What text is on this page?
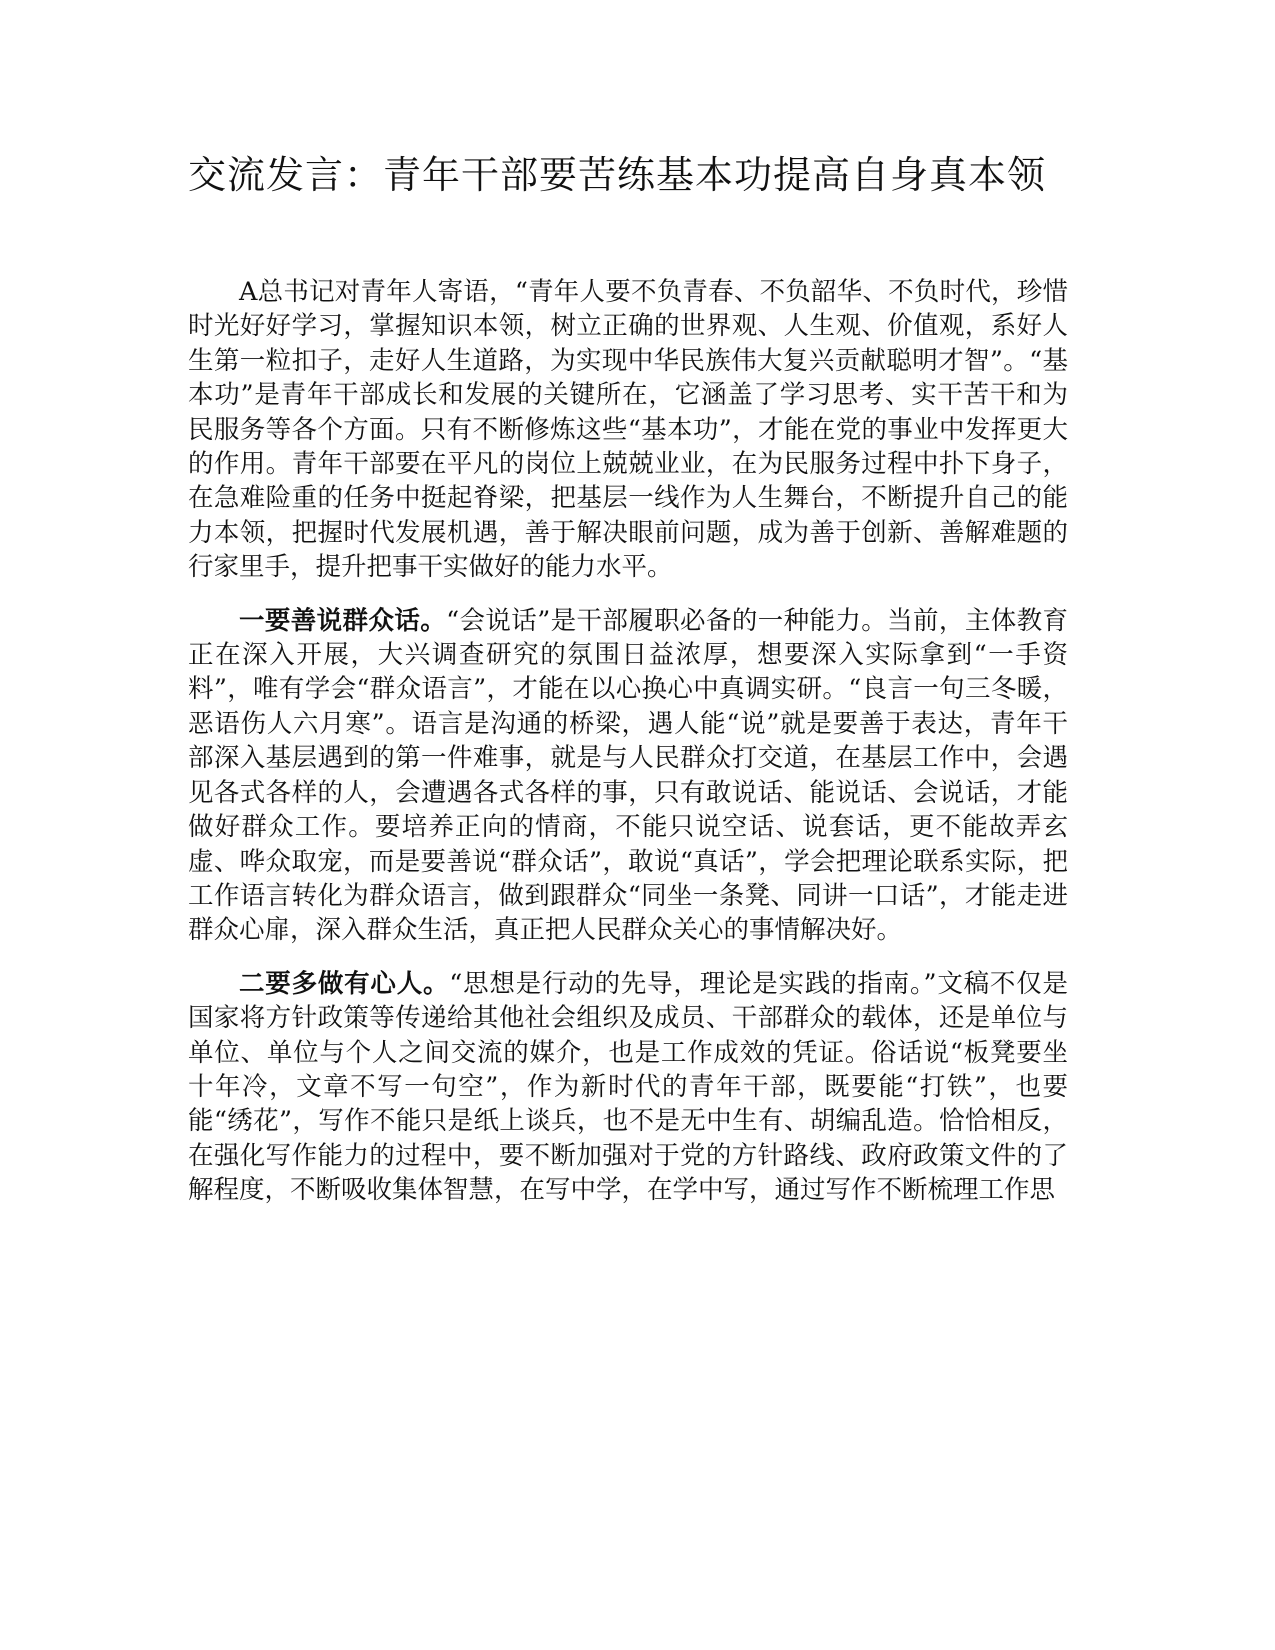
交流发言：青年干部要苦练基本功提高自身真本领

A总书记对青年人寄语，“青年人要不负青春、不负韶华、不负时代，珍惜时光好好学习，掌握知识本领，树立正确的世界观、人生观、价值观，系好人生第一粒扣子，走好人生道路，为实现中华民族伟大复兴贡献聪明才智”。“基本功”是青年干部成长和发展的关键所在，它涵盖了学习思考、实干苦干和为民服务等各个方面。只有不断修炼这些“基本功”，才能在党的事业中发挥更大的作用。青年干部要在平凡的岗位上兢兢业业，在为民服务过程中扑下身子，在急难险重的任务中挺起脊梁，把基层一线作为人生舞台，不断提升自己的能力本领，把握时代发展机遇，善于解决眼前问题，成为善于创新、善解难题的行家里手，提升把事干实做好的能力水平。

一要善说群众话。“会说话”是干部履职必备的一种能力。当前，主体教育正在深入开展，大兴调查研究的氛围日益浓厚，想要深入实际拿到“一手资料”，唯有学会“群众语言”，才能在以心换心中真调实研。“良言一句三冬暖，恶语伤人六月寒”。语言是沟通的桥梁，遇人能“说”就是要善于表达，青年干部深入基层遇到的第一件难事，就是与人民群众打交道，在基层工作中，会遇见各式各样的人，会遭遇各式各样的事，只有敢说话、能说话、会说话，才能做好群众工作。要培养正向的情商，不能只说空话、说套话，更不能故弄玄虚、哗众取宠，而是要善说“群众话”，敢说“真话”，学会把理论联系实际，把工作语言转化为群众语言，做到跟群众“同坐一条凳、同讲一口话”，才能走进群众心扉，深入群众生活，真正把人民群众关心的事情解决好。

二要多做有心人。“思想是行动的先导，理论是实践的指南。”文稿不仅是国家将方针政策等传递给其他社会组织及成员、干部群众的载体，还是单位与单位、单位与个人之间交流的媒介，也是工作成效的凭证。俗话说“板凳要坐十年冷，文章不写一句空”，作为新时代的青年干部，既要能“打铁”，也要能“绣花”，写作不能只是纸上谈兵，也不是无中生有、胡编乱造。恰恰相反，在强化写作能力的过程中，要不断加强对于党的方针路线、政府政策文件的了解程度，不断吸收集体智慧，在写中学，在学中写，通过写作不断梳理工作思
